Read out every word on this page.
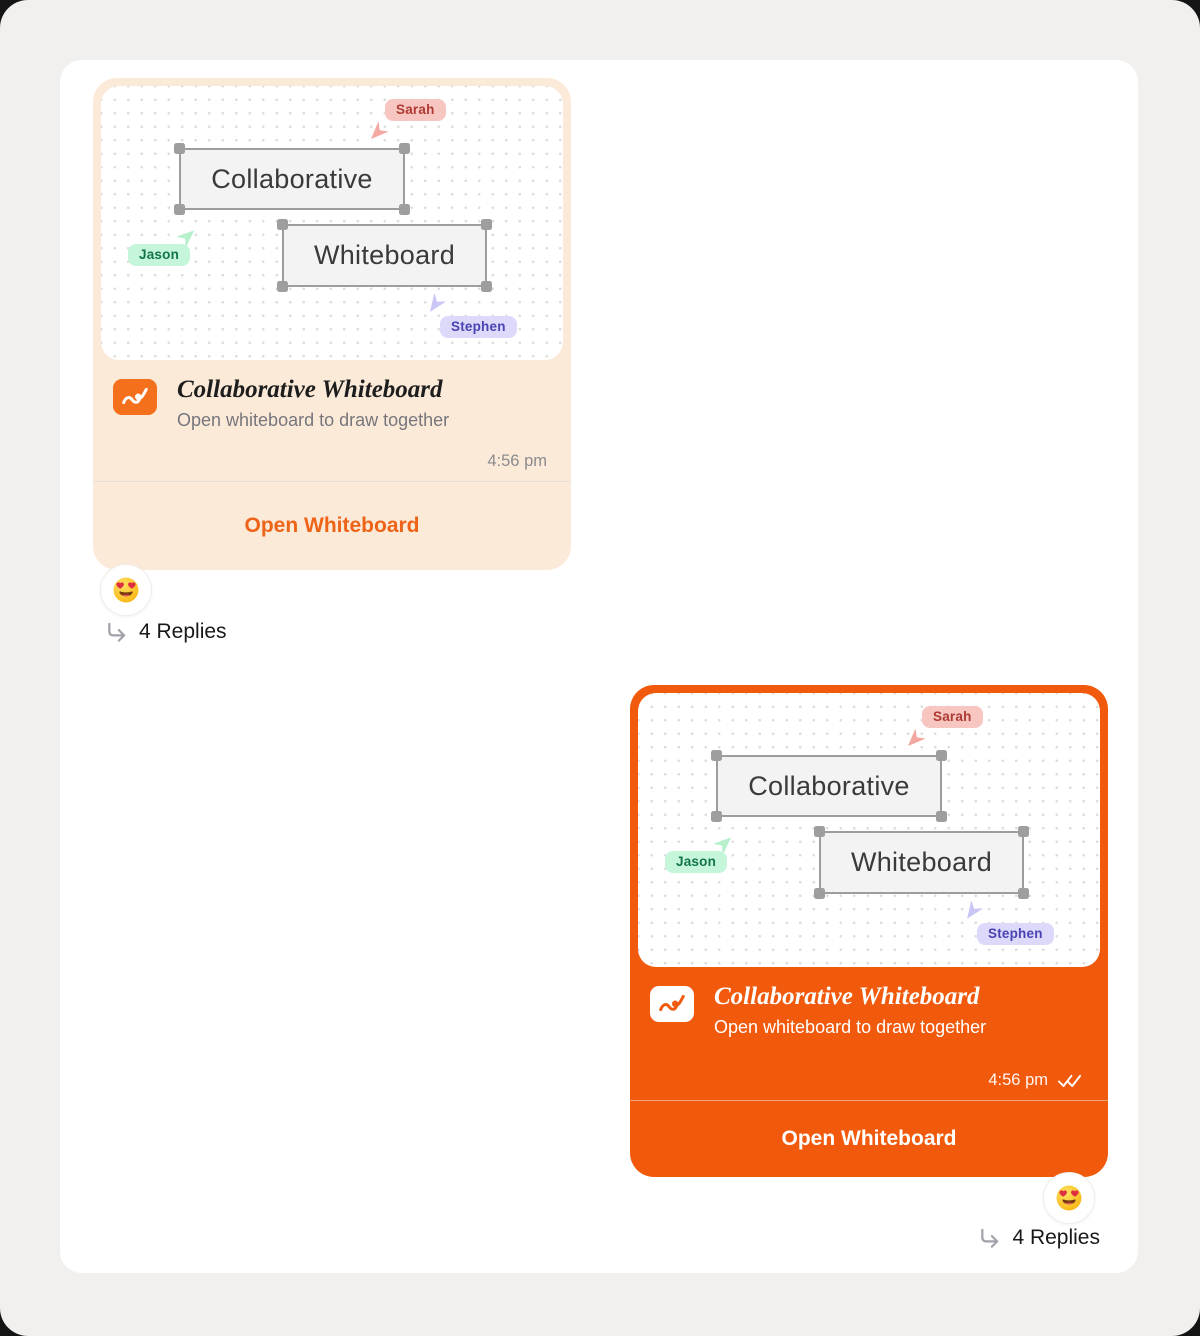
Collaborative
Whiteboard
Sarah
Jason
Stephen
Collaborative Whiteboard
Open whiteboard to draw together
4:56 pm
Open Whiteboard
4 Replies
Collaborative
Whiteboard
Sarah
Jason
Stephen
Collaborative Whiteboard
Open whiteboard to draw together
4:56 pm
Open Whiteboard
4 Replies
